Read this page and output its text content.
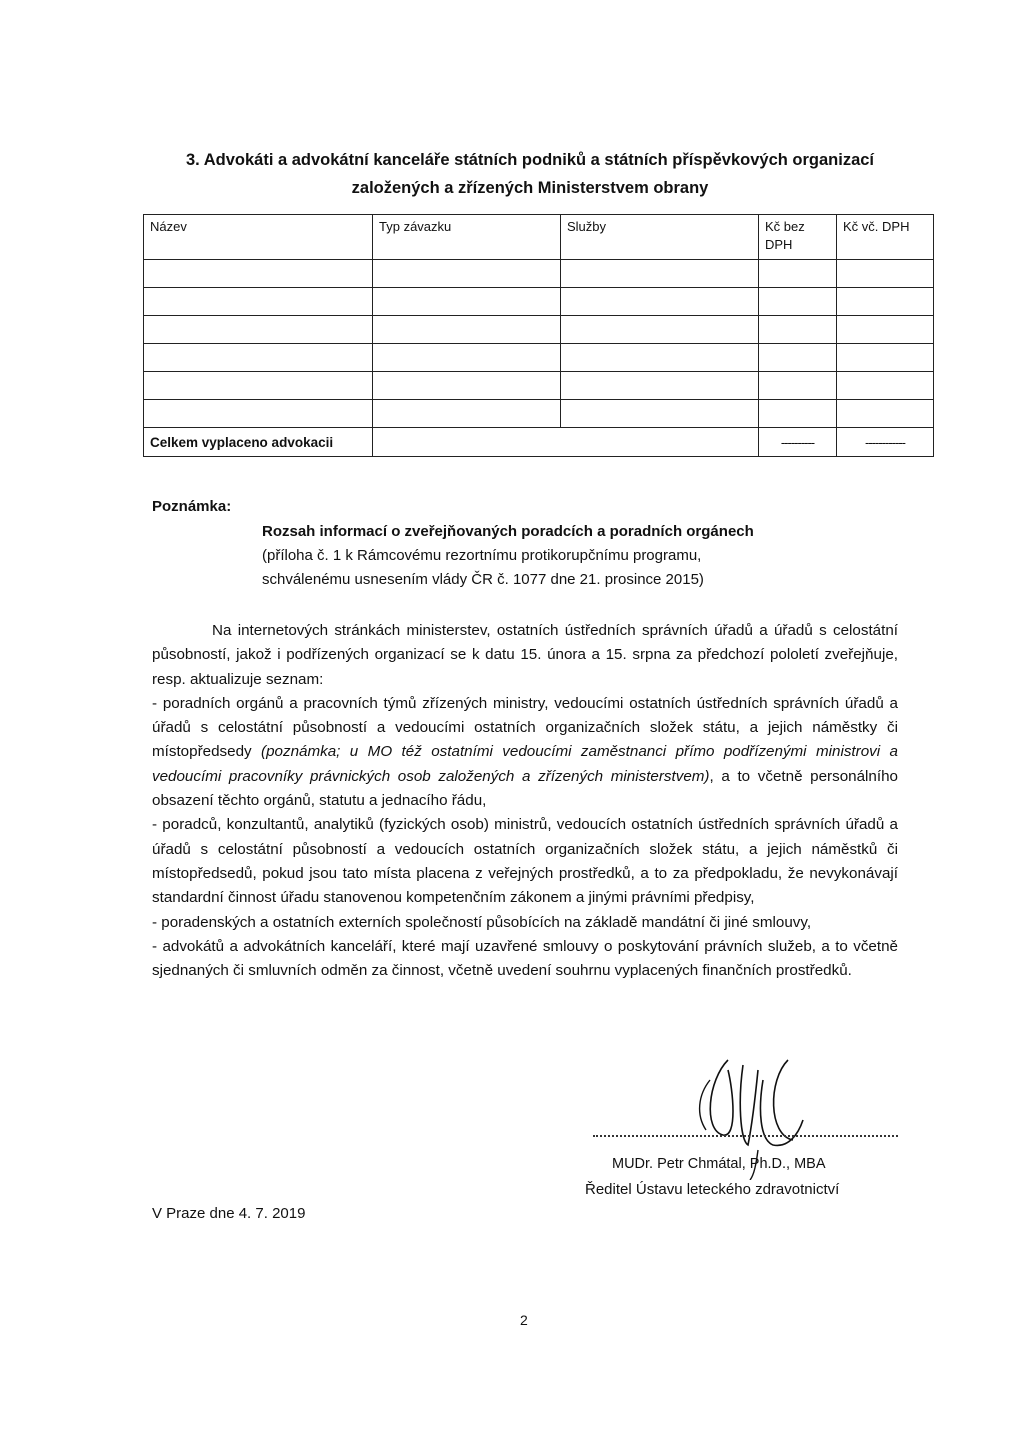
3. Advokáti a advokátní kanceláře státních podniků a státních příspěvkových organizací
založených a zřízených Ministerstvem obrany
Název	Typ závazku	Služby	Kč bez DPH	Kč vč. DPH

Celkem vyplaceno advokacii			----------	------------
Poznámka:
Rozsah informací o zveřejňovaných poradcích a poradních orgánech
(příloha č. 1 k Rámcovému rezortnímu protikorupčnímu programu,
schválenému usnesením vlády ČR č. 1077 dne 21. prosince 2015)

Na internetových stránkách ministerstev, ostatních ústředních správních úřadů a úřadů s celostátní působností, jakož i podřízených organizací se k datu 15. února a 15. srpna za předchozí pololetí zveřejňuje, resp. aktualizuje seznam:

- poradních orgánů a pracovních týmů zřízených ministry, vedoucími ostatních ústředních správních úřadů a úřadů s celostátní působností a vedoucími ostatních organizačních složek státu, a jejich náměstky či místopředsedy (poznámka; u MO též ostatními vedoucími zaměstnanci přímo podřízenými ministrovi a vedoucími pracovníky právnických osob založených a zřízených ministerstvem), a to včetně personálního obsazení těchto orgánů, statutu a jednacího řádu,

- poradců, konzultantů, analytiků (fyzických osob) ministrů, vedoucích ostatních ústředních správních úřadů a úřadů s celostátní působností a vedoucích ostatních organizačních složek státu, a jejich náměstků či místopředsedů, pokud jsou tato místa placena z veřejných prostředků, a to za předpokladu, že nevykonávají standardní činnost úřadu stanovenou kompetenčním zákonem a jinými právními předpisy,

- poradenských a ostatních externích společností působících na základě mandátní či jiné smlouvy,

- advokátů a advokátních kanceláří, které mají uzavřené smlouvy o poskytování právních služeb, a to včetně sjednaných či smluvních odměn za činnost, včetně uvedení souhrnu vyplacených finančních prostředků.

MUDr. Petr Chmátal, Ph.D., MBA
Ředitel Ústavu leteckého zdravotnictví
V Praze dne 4. 7. 2019
2
